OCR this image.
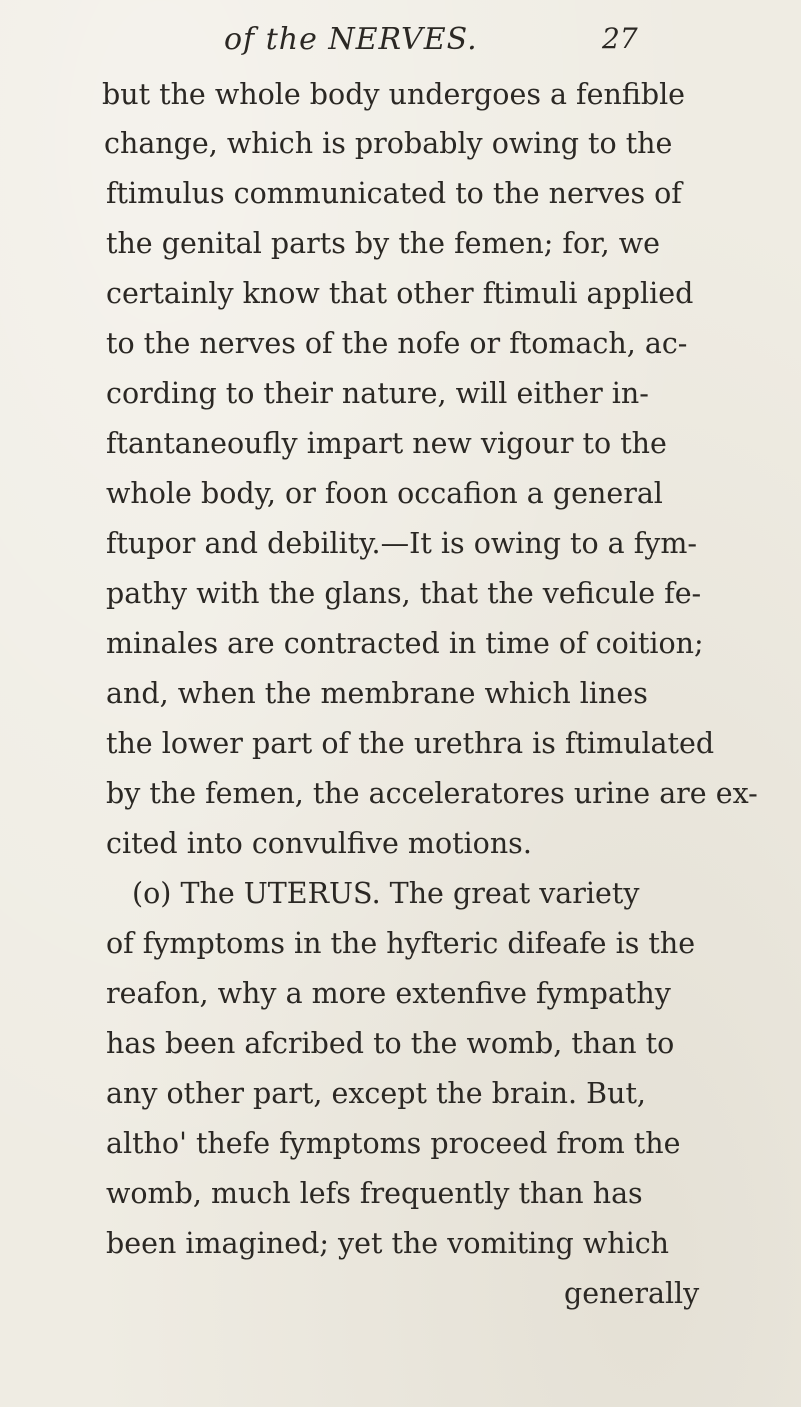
of the NERVES.	27
but the whole body undergoes a fenfible
change, which is probably owing to the
ftimulus communicated to the nerves of
the genital parts by the femen; for, we
certainly know that other ftimuli applied
to the nerves of the nofe or ftomach, ac-
cording to their nature, will either in-
ftantaneoufly impart new vigour to the
whole body, or foon occafion a general
ftupor and debility.—It is owing to a fym-
pathy with the glans, that the veficule fe-
minales are contracted in time of coition;
and, when the membrane which lines
the lower part of the urethra is ftimulated
by the femen, the acceleratores urine are ex-
cited into convulfive motions.
(o) The UTERUS. The great variety
of fymptoms in the hyfteric difeafe is the
reafon, why a more extenfive fympathy
has been afcribed to the womb, than to
any other part, except the brain. But,
altho' thefe fymptoms proceed from the
womb, much lefs frequently than has
been imagined; yet the vomiting which
generally
